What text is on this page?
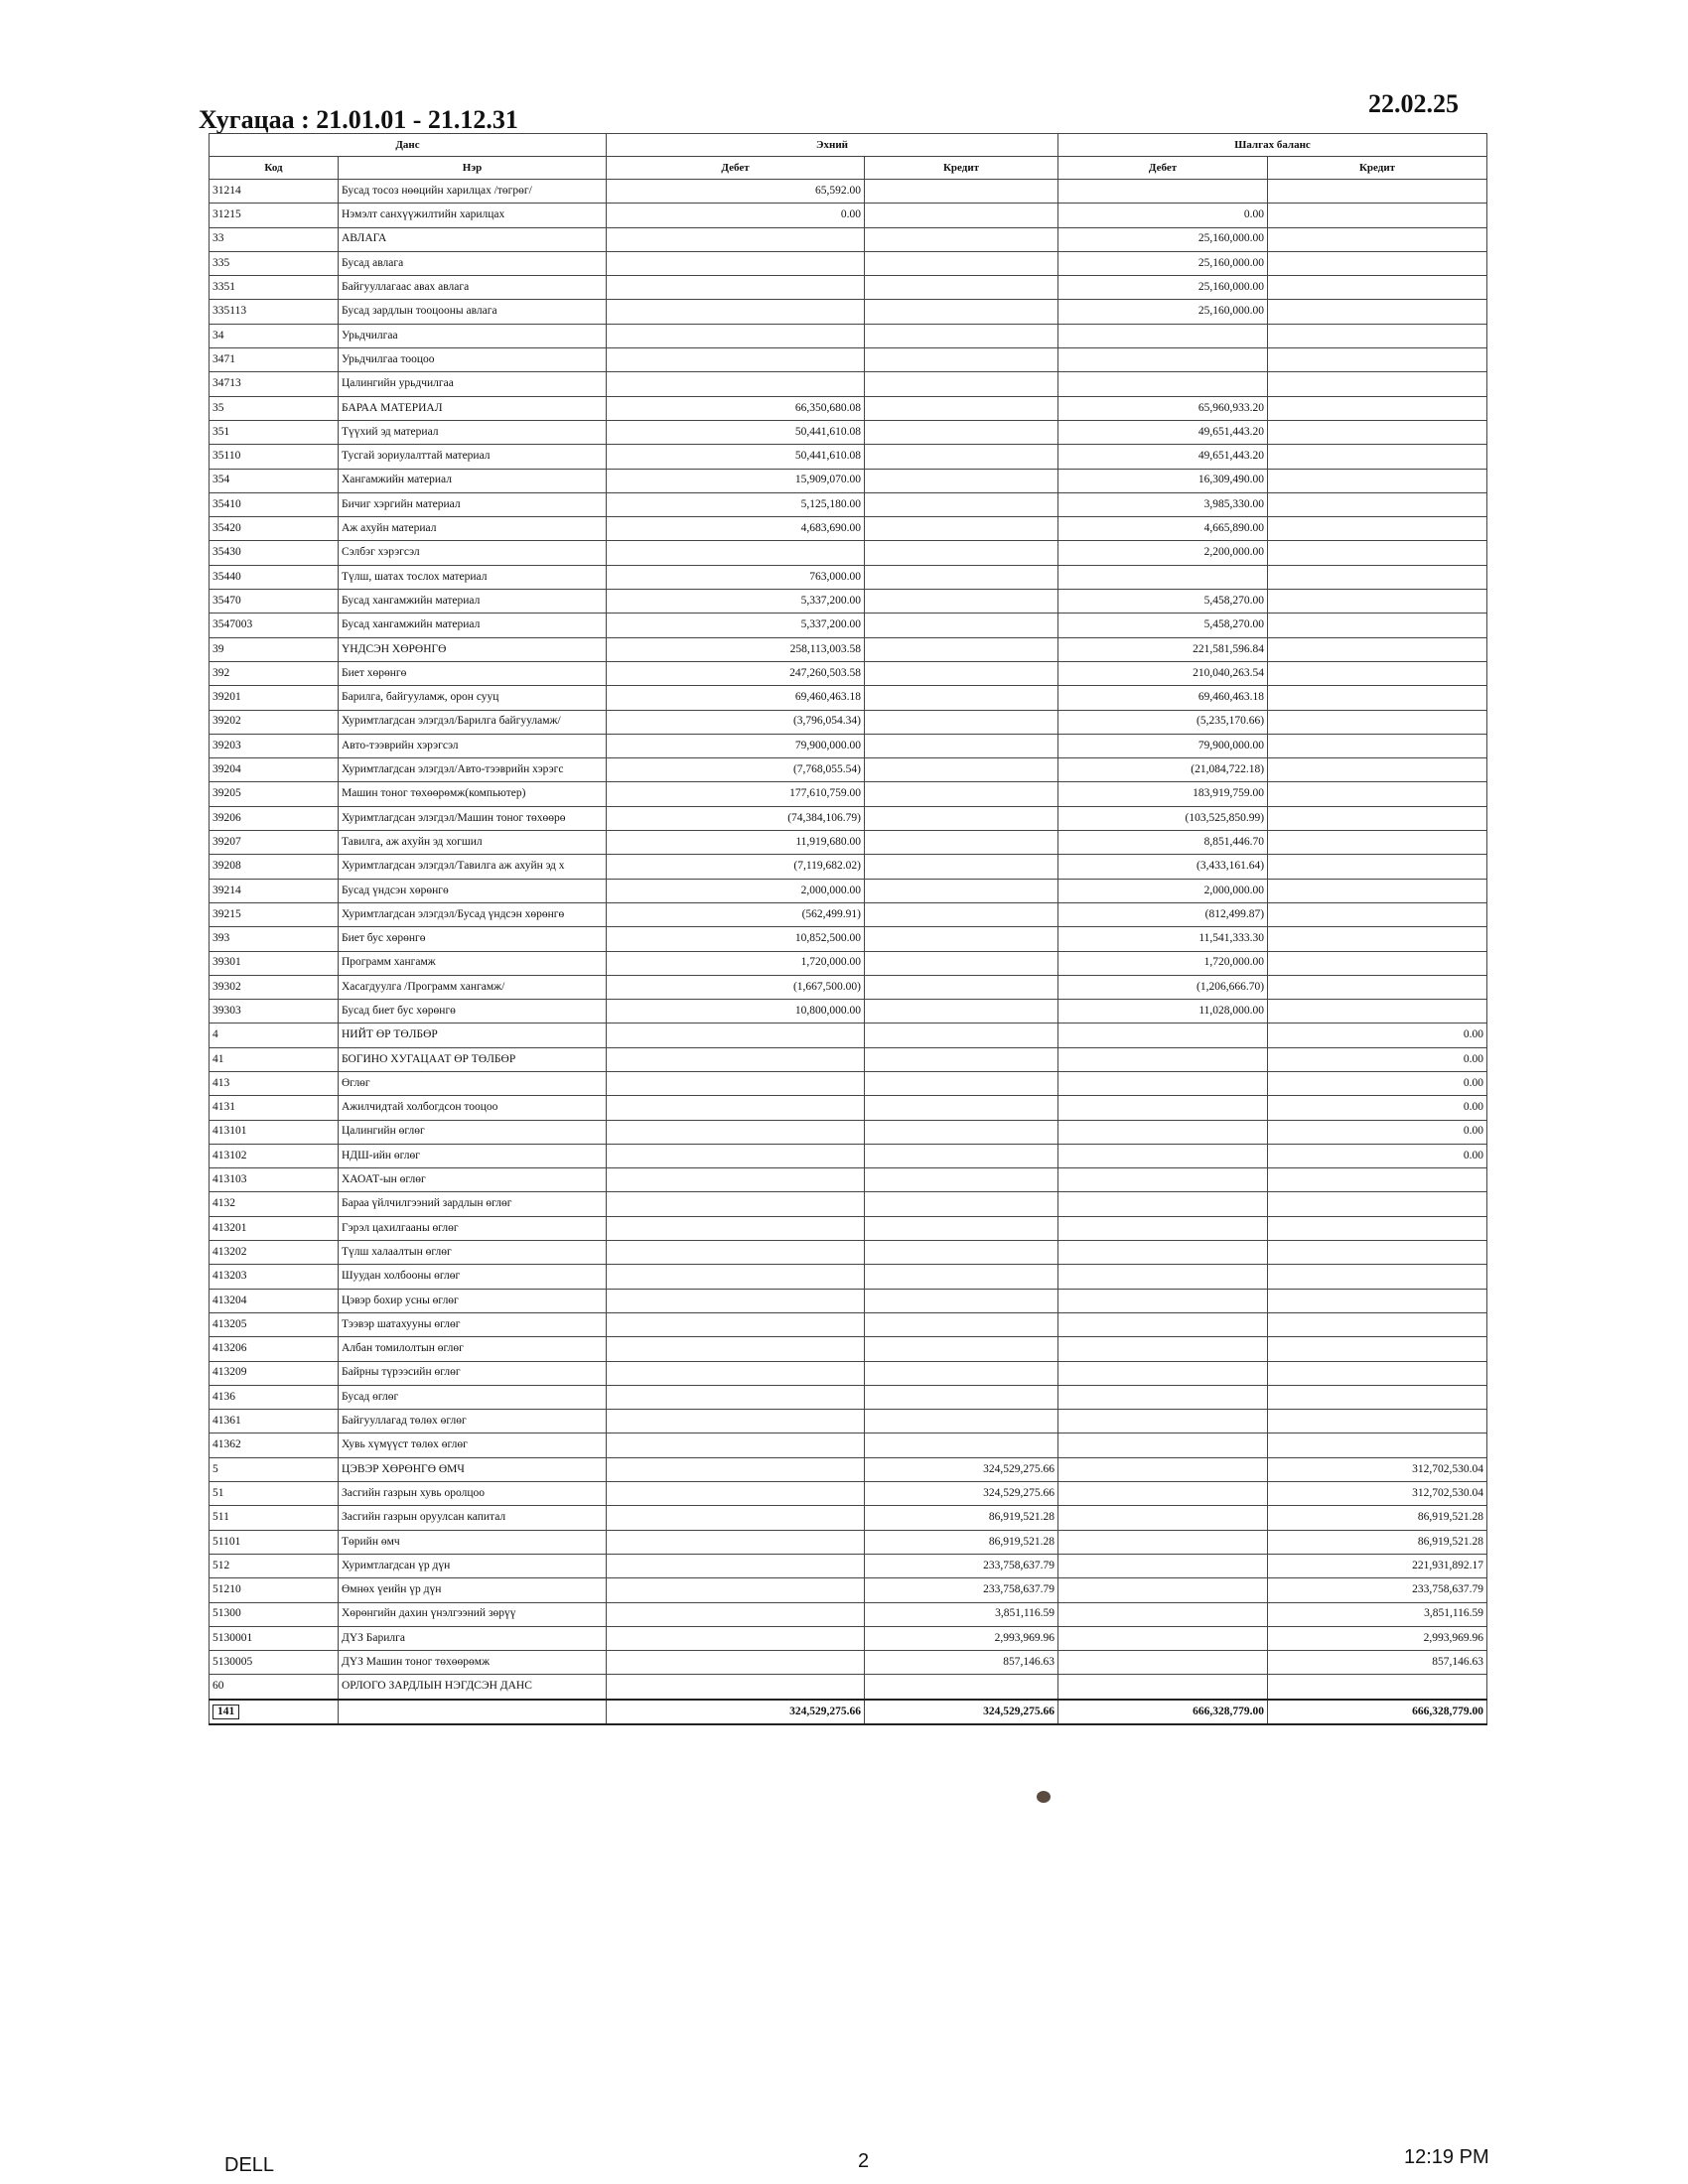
Хугацаа : 21.01.01 - 21.12.31
22.02.25
Данс		Эхний		Шалгах баланс	
Код	Нэр	Дебет	Кредит	Дебет	Кредит
31214	Бусад тосоз нөөцийн харилцах /төгрөг/	65,592.00			
31215	Нэмэлт санхүүжилтийн харилцах	0.00		0.00	
33	АВЛАГА			25,160,000.00	
335	Бусад авлага			25,160,000.00	
3351	Байгууллагаас авах авлага			25,160,000.00	
335113	Бусад зардлын тооцооны авлага			25,160,000.00	
34	Урьдчилгаа				
3471	Урьдчилгаа тооцоо				
34713	Цалингийн урьдчилгаа				
35	БАРАА МАТЕРИАЛ	66,350,680.08		65,960,933.20	
351	Түүхий эд материал	50,441,610.08		49,651,443.20	
35110	Тусгай зориулалттай материал	50,441,610.08		49,651,443.20	
354	Хангамжийн материал	15,909,070.00		16,309,490.00	
35410	Бичиг хэргийн материал	5,125,180.00		3,985,330.00	
35420	Аж ахуйн материал	4,683,690.00		4,665,890.00	
35430	Сэлбэг хэрэгсэл			2,200,000.00	
35440	Түлш, шатах тослох материал	763,000.00			
35470	Бусад хангамжийн материал	5,337,200.00		5,458,270.00	
3547003	Бусад хангамжийн материал	5,337,200.00		5,458,270.00	
39	ҮНДСЭН ХӨРӨНГӨ	258,113,003.58		221,581,596.84	
392	Биет хөрөнгө	247,260,503.58		210,040,263.54	
39201	Барилга, байгууламж, орон сууц	69,460,463.18		69,460,463.18	
39202	Хуримтлагдсан элэгдэл/Барилга байгууламж/	(3,796,054.34)		(5,235,170.66)	
39203	Авто-тээврийн хэрэгсэл	79,900,000.00		79,900,000.00	
39204	Хуримтлагдсан элэгдэл/Авто-тээврийн хэрэгс	(7,768,055.54)		(21,084,722.18)	
39205	Машин тоног төхөөрөмж(компьютер)	177,610,759.00		183,919,759.00	
39206	Хуримтлагдсан элэгдэл/Машин тоног төхөөрө	(74,384,106.79)		(103,525,850.99)	
39207	Тавилга, аж ахуйн эд хогшил	11,919,680.00		8,851,446.70	
39208	Хуримтлагдсан элэгдэл/Тавилга аж ахуйн эд х	(7,119,682.02)		(3,433,161.64)	
39214	Бусад үндсэн хөрөнгө	2,000,000.00		2,000,000.00	
39215	Хуримтлагдсан элэгдэл/Бусад үндсэн хөрөнгө	(562,499.91)		(812,499.87)	
393	Биет бус хөрөнгө	10,852,500.00		11,541,333.30	
39301	Программ хангамж	1,720,000.00		1,720,000.00	
39302	Хасагдуулга /Программ хангамж/	(1,667,500.00)		(1,206,666.70)	
39303	Бусад биет бус хөрөнгө	10,800,000.00		11,028,000.00	
4	НИЙТ ӨР ТӨЛБӨР				0.00
41	БОГИНО ХУГАЦААТ ӨР ТӨЛБӨР				0.00
413	Өглөг				0.00
4131	Ажилчидтай холбогдсон тооцоо				0.00
413101	Цалингийн өглөг				0.00
413102	НДШ-ийн өглөг				0.00
413103	ХАОАТ-ын өглөг				
4132	Бараа үйлчилгээний зардлын өглөг				
413201	Гэрэл цахилгааны өглөг				
413202	Түлш халаалтын өглөг				
413203	Шуудан холбооны өглөг				
413204	Цэвэр бохир усны өглөг				
413205	Тээвэр шатахууны өглөг				
413206	Албан томилолтын өглөг				
413209	Байрны түрээсийн өглөг				
4136	Бусад өглөг				
41361	Байгууллагад төлөх өглөг				
41362	Хувь хүмүүст төлөх өглөг				
5	ЦЭВЭР ХӨРӨНГӨ ӨМЧ		324,529,275.66		312,702,530.04
51	Засгийн газрын хувь оролцоо		324,529,275.66		312,702,530.04
511	Засгийн газрын оруулсан капитал		86,919,521.28		86,919,521.28
51101	Төрийн өмч		86,919,521.28		86,919,521.28
512	Хуримтлагдсан үр дүн		233,758,637.79		221,931,892.17
51210	Өмнөх үеийн үр дүн		233,758,637.79		233,758,637.79
51300	Хөрөнгийн дахин үнэлгээний зөрүү		3,851,116.59		3,851,116.59
5130001	ДҮЗ Барилга		2,993,969.96		2,993,969.96
5130005	ДҮЗ Машин тоног төхөөрөмж		857,146.63		857,146.63
60	ОРЛОГО ЗАРДЛЫН НЭГДСЭН ДАНС				
141		324,529,275.66	324,529,275.66	666,328,779.00	666,328,779.00
DELL	2	12:19 PM
